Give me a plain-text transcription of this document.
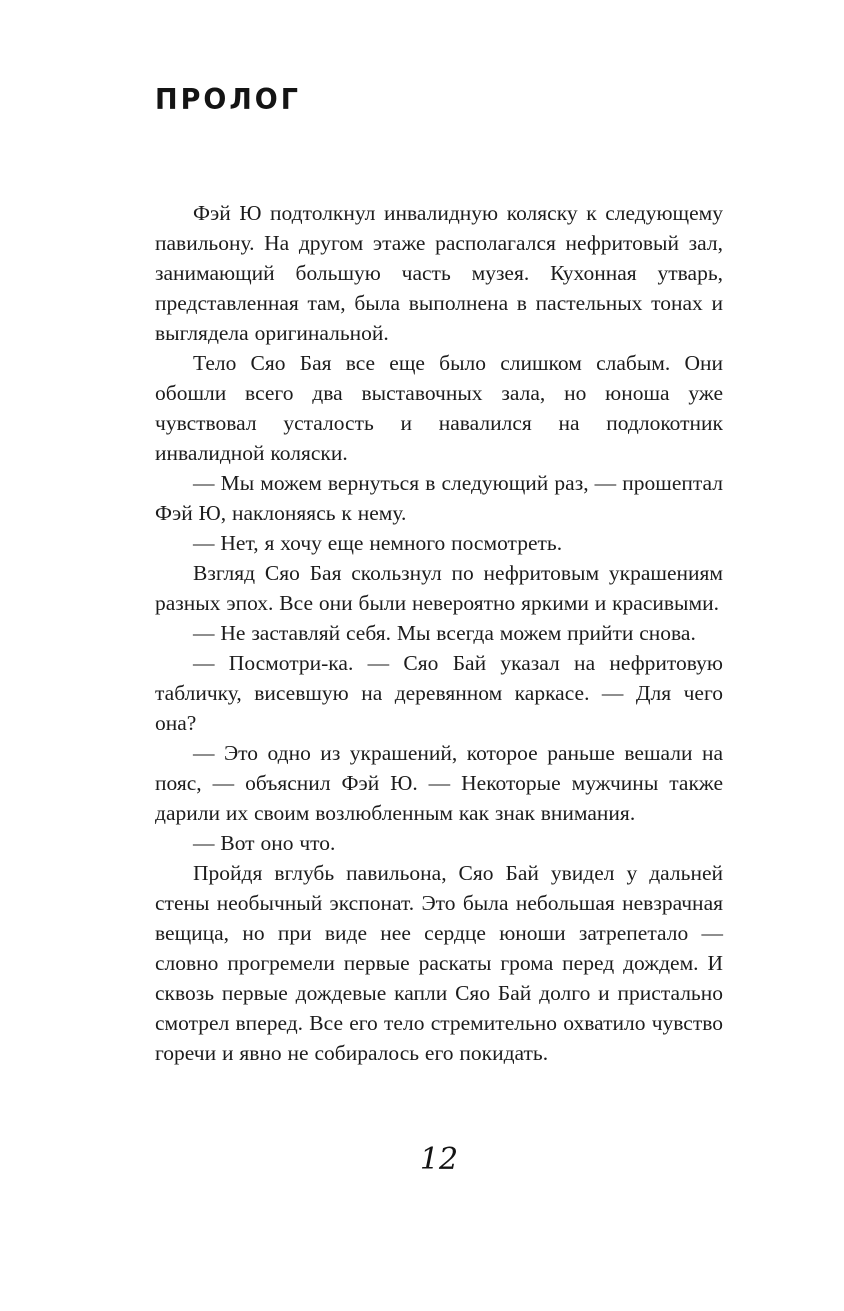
ПРОЛОГ

Фэй Ю подтолкнул инвалидную коляску к следующему павильону. На другом этаже располагался нефритовый зал, занимающий большую часть музея. Кухонная утварь, представленная там, была выполнена в пастельных тонах и выглядела оригинальной.

Тело Сяо Бая все еще было слишком слабым. Они обошли всего два выставочных зала, но юноша уже чувствовал усталость и навалился на подлокотник инвалидной коляски.

— Мы можем вернуться в следующий раз, — прошептал Фэй Ю, наклоняясь к нему.

— Нет, я хочу еще немного посмотреть.

Взгляд Сяо Бая скользнул по нефритовым украшениям разных эпох. Все они были невероятно яркими и красивыми.

— Не заставляй себя. Мы всегда можем прийти снова.

— Посмотри-ка. — Сяо Бай указал на нефритовую табличку, висевшую на деревянном каркасе. — Для чего она?

— Это одно из украшений, которое раньше вешали на пояс, — объяснил Фэй Ю. — Некоторые мужчины также дарили их своим возлюбленным как знак внимания.

— Вот оно что.

Пройдя вглубь павильона, Сяо Бай увидел у дальней стены необычный экспонат. Это была небольшая невзрачная вещица, но при виде нее сердце юноши затрепетало — словно прогремели первые раскаты грома перед дождем. И сквозь первые дождевые капли Сяо Бай долго и пристально смотрел вперед. Все его тело стремительно охватило чувство горечи и явно не собиралось его покидать.

12
